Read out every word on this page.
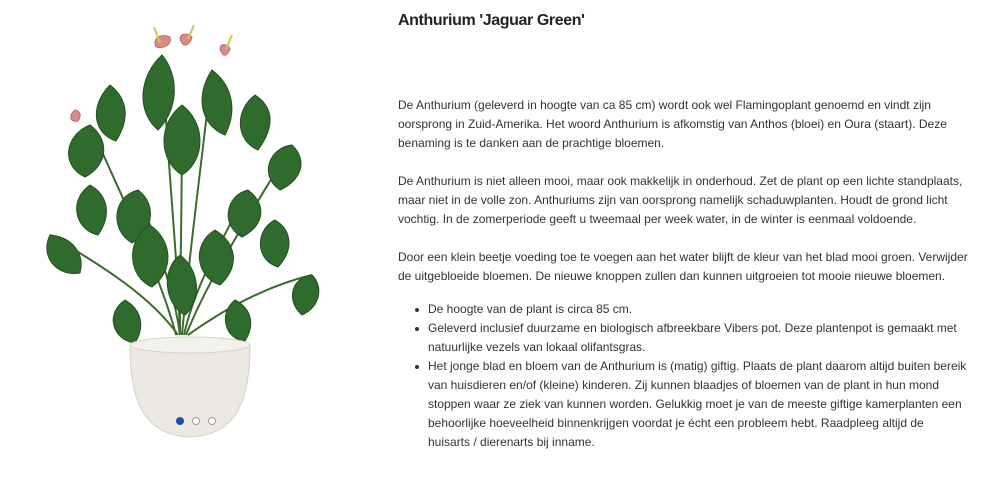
Anthurium 'Jaguar Green'

De Anthurium (geleverd in hoogte van ca 85 cm) wordt ook wel Flamingoplant genoemd en vindt zijn oorsprong in Zuid-Amerika. Het woord Anthurium is afkomstig van Anthos (bloei) en Oura (staart). Deze benaming is te danken aan de prachtige bloemen.

De Anthurium is niet alleen mooi, maar ook makkelijk in onderhoud. Zet de plant op een lichte standplaats, maar niet in de volle zon. Anthuriums zijn van oorsprong namelijk schaduwplanten. Houdt de grond licht vochtig. In de zomerperiode geeft u tweemaal per week water, in de winter is eenmaal voldoende.

Door een klein beetje voeding toe te voegen aan het water blijft de kleur van het blad mooi groen. Verwijder de uitgebloeide bloemen. De nieuwe knoppen zullen dan kunnen uitgroeien tot mooie nieuwe bloemen.

De hoogte van de plant is circa 85 cm.
Geleverd inclusief duurzame en biologisch afbreekbare Vibers pot. Deze plantenpot is gemaakt met natuurlijke vezels van lokaal olifantsgras.
Het jonge blad en bloem van de Anthurium is (matig) giftig. Plaats de plant daarom altijd buiten bereik van huisdieren en/of (kleine) kinderen. Zij kunnen blaadjes of bloemen van de plant in hun mond stoppen waar ze ziek van kunnen worden. Gelukkig moet je van de meeste giftige kamerplanten een behoorlijke hoeveelheid binnenkrijgen voordat je écht een probleem hebt. Raadpleeg altijd de huisarts / dierenarts bij inname.
